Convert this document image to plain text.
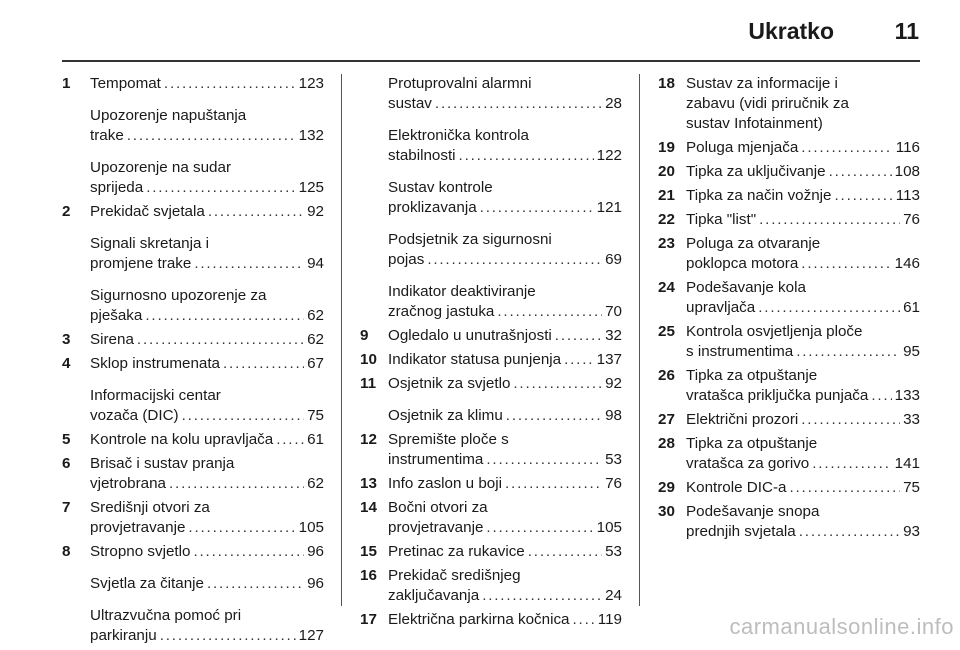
Ukratko	11
1	Tempomat . . .	123
Upozorenje napuštanja
trake . . .	132
Upozorenje na sudar
sprijeda . . .	125
2	Prekidač svjetala . . .	92
Signali skretanja i
promjene trake . . .	94
Sigurnosno upozorenje za
pješaka . . .	62
3	Sirena . . .	62
4	Sklop instrumenata . . .	67
Informacijski centar
vozača (DIC) . . .	75
5	Kontrole na kolu upravljača . . . 61
6	Brisač i sustav pranja
vjetrobrana . . .	62
7	Središnji otvori za
provjetravanje . . .	105
8	Stropno svjetlo . . .	96
Svjetla za čitanje . . .	96
Ultrazvučna pomoć pri
parkiranju . . .	127
Protuprovalni alarmni
sustav . . .	28
Elektronička kontrola
stabilnosti . . .	122
Sustav kontrole
proklizavanja . . .	121
Podsjetnik za sigurnosni
pojas . . .	69
Indikator deaktiviranje
zračnog jastuka . . .	70
9	Ogledalo u unutrašnjosti . . .	32
10 Indikator statusa punjenja . . . 137
11 Osjetnik za svjetlo . . .	92
Osjetnik za klimu . . .	98
12 Spremište ploče s
instrumentima . . .	53
13 Info zaslon u boji . . .	76
14 Bočni otvori za
provjetravanje . . .	105
15 Pretinac za rukavice . . .	53
16 Prekidač središnjeg
zaključavanja . . .	24
17 Električna parkirna kočnica . . . 119
18 Sustav za informacije i
zabavu (vidi priručnik za
sustav Infotainment)
19 Poluga mjenjača . . .	116
20 Tipka za uključivanje . . .	108
21 Tipka za način vožnje . . .	113
22 Tipka "list" . . .	76
23 Poluga za otvaranje
poklopca motora . . .	146
24 Podešavanje kola
upravljača . . .	61
25 Kontrola osvjetljenja ploče
s instrumentima . . .	95
26 Tipka za otpuštanje
vratašca priključka punjača . . . 133
27 Električni prozori . . .	33
28 Tipka za otpuštanje
vratašca za gorivo . . .	141
29 Kontrole DIC-a . . .	75
30 Podešavanje snopa
prednjih svjetala . . .	93
carmanualsonline.info
